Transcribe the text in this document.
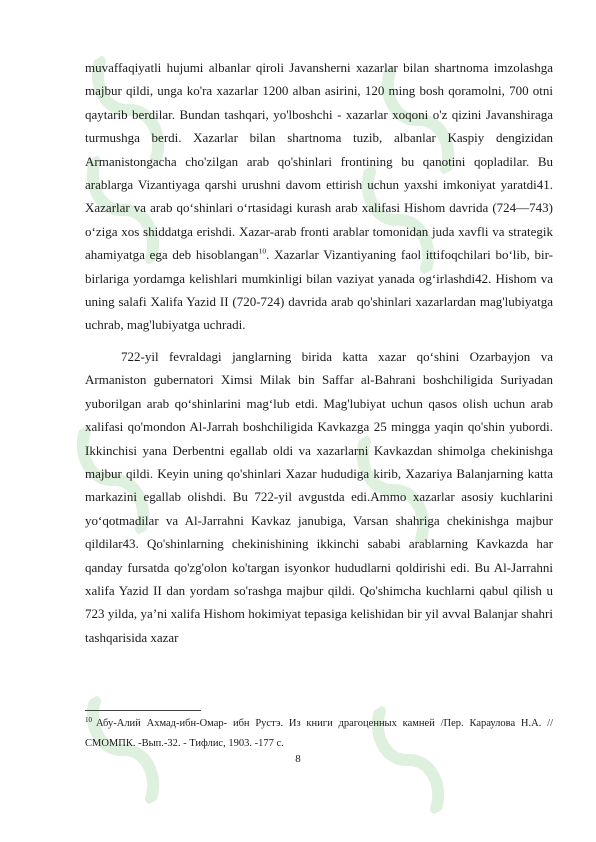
muvaffaqiyatli hujumi albanlar qiroli Javansherni xazarlar bilan shartnoma imzolashga majbur qildi, unga ko'ra xazarlar 1200 alban asirini, 120 ming bosh qoramolni, 700 otni qaytarib berdilar. Bundan tashqari, yo'lboshchi - xazarlar xoqoni o'z qizini Javanshiraga turmushga berdi. Xazarlar bilan shartnoma tuzib, albanlar Kaspiy dengizidan Armanistongacha cho'zilgan arab qo'shinlari frontining bu qanotini qopladilar. Bu arablarga Vizantiyaga qarshi urushni davom ettirish uchun yaxshi imkoniyat yaratdi41. Xazarlar va arab qo‘shinlari o‘rtasidagi kurash arab xalifasi Hishom davrida (724—743) o‘ziga xos shiddatga erishdi. Xazar-arab fronti arablar tomonidan juda xavfli va strategik ahamiyatga ega deb hisoblangan$^{10}$. Xazarlar Vizantiyaning faol ittifoqchilari bo‘lib, bir-birlariga yordamga kelishlari mumkinligi bilan vaziyat yanada og‘irlashdi42. Hishom va uning salafi Xalifa Yazid II (720-724) davrida arab qo'shinlari xazarlardan mag'lubiyatga uchrab, mag'lubiyatga uchradi.

722-yil fevraldagi janglarning birida katta xazar qo‘shini Ozarbayjon va Armaniston gubernatori Ximsi Milak bin Saffar al-Bahrani boshchiligida Suriyadan yuborilgan arab qo‘shinlarini mag‘lub etdi. Mag'lubiyat uchun qasos olish uchun arab xalifasi qo'mondon Al-Jarrah boshchiligida Kavkazga 25 mingga yaqin qo'shin yubordi. Ikkinchisi yana Derbentni egallab oldi va xazarlarni Kavkazdan shimolga chekinishga majbur qildi. Keyin uning qo'shinlari Xazar hududiga kirib, Xazariya Balanjarning katta markazini egallab olishdi. Bu 722-yil avgustda edi.Ammo xazarlar asosiy kuchlarini yo‘qotmadilar va Al-Jarrahni Kavkaz janubiga, Varsan shahriga chekinishga majbur qildilar43. Qo'shinlarning chekinishining ikkinchi sababi arablarning Kavkazda har qanday fursatda qo'zg'olon ko'targan isyonkor hududlarni qoldirishi edi. Bu Al-Jarrahni xalifa Yazid II dan yordam so'rashga majbur qildi. Qo'shimcha kuchlarni qabul qilish u 723 yilda, ya’ni xalifa Hishom hokimiyat tepasiga kelishidan bir yil avval Balanjar shahri tashqarisida xazar

$^{10}$ Абу-Алий Ахмад-ибн-Омар- ибн Рустэ. Из книги драгоценных камней /Пер. Караулова Н.А. // СМОМПК. -Вып.-32. - Тифлис, 1903. -177 с.
8
